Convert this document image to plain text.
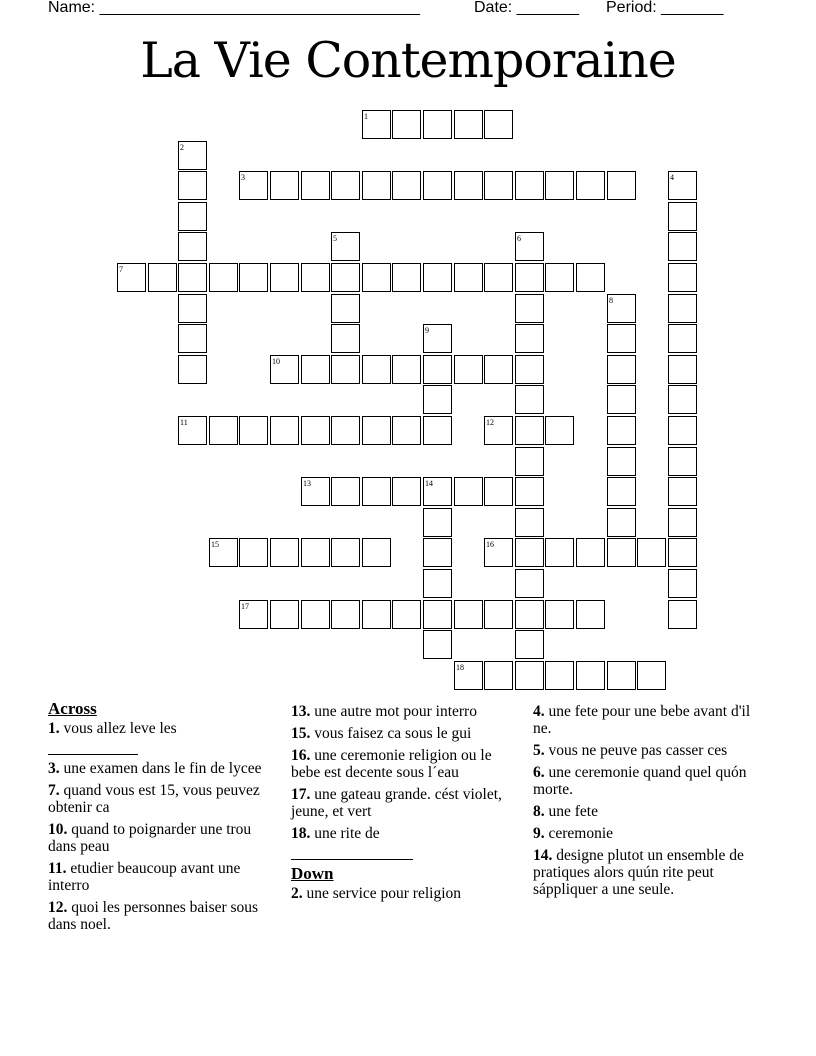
Name: ____________________________________	Date: _______ Period: _______
La Vie Contemporaine
1
2
3	4
5	6
7
8
9
10
11	12
13	14
15	16
17
18
Across
1. vous allez leve les
3. une examen dans le fin de lycee
7. quand vous est 15, vous peuvez obtenir ca
10. quand to poignarder une trou dans peau
11. etudier beaucoup avant une interro
12. quoi les personnes baiser sous dans noel.
13. une autre mot pour interro
15. vous faisez ca sous le gui
16. une ceremonie religion ou le bebe est decente sous l´eau
17. une gateau grande. cést violet, jeune, et vert
18. une rite de
Down
2. une service pour religion
4. une fete pour une bebe avant d'il ne.
5. vous ne peuve pas casser ces
6. une ceremonie quand quel quón morte.
8. une fete
9. ceremonie
14. designe plutot un ensemble de pratiques alors quún rite peut sáppliquer a une seule.
